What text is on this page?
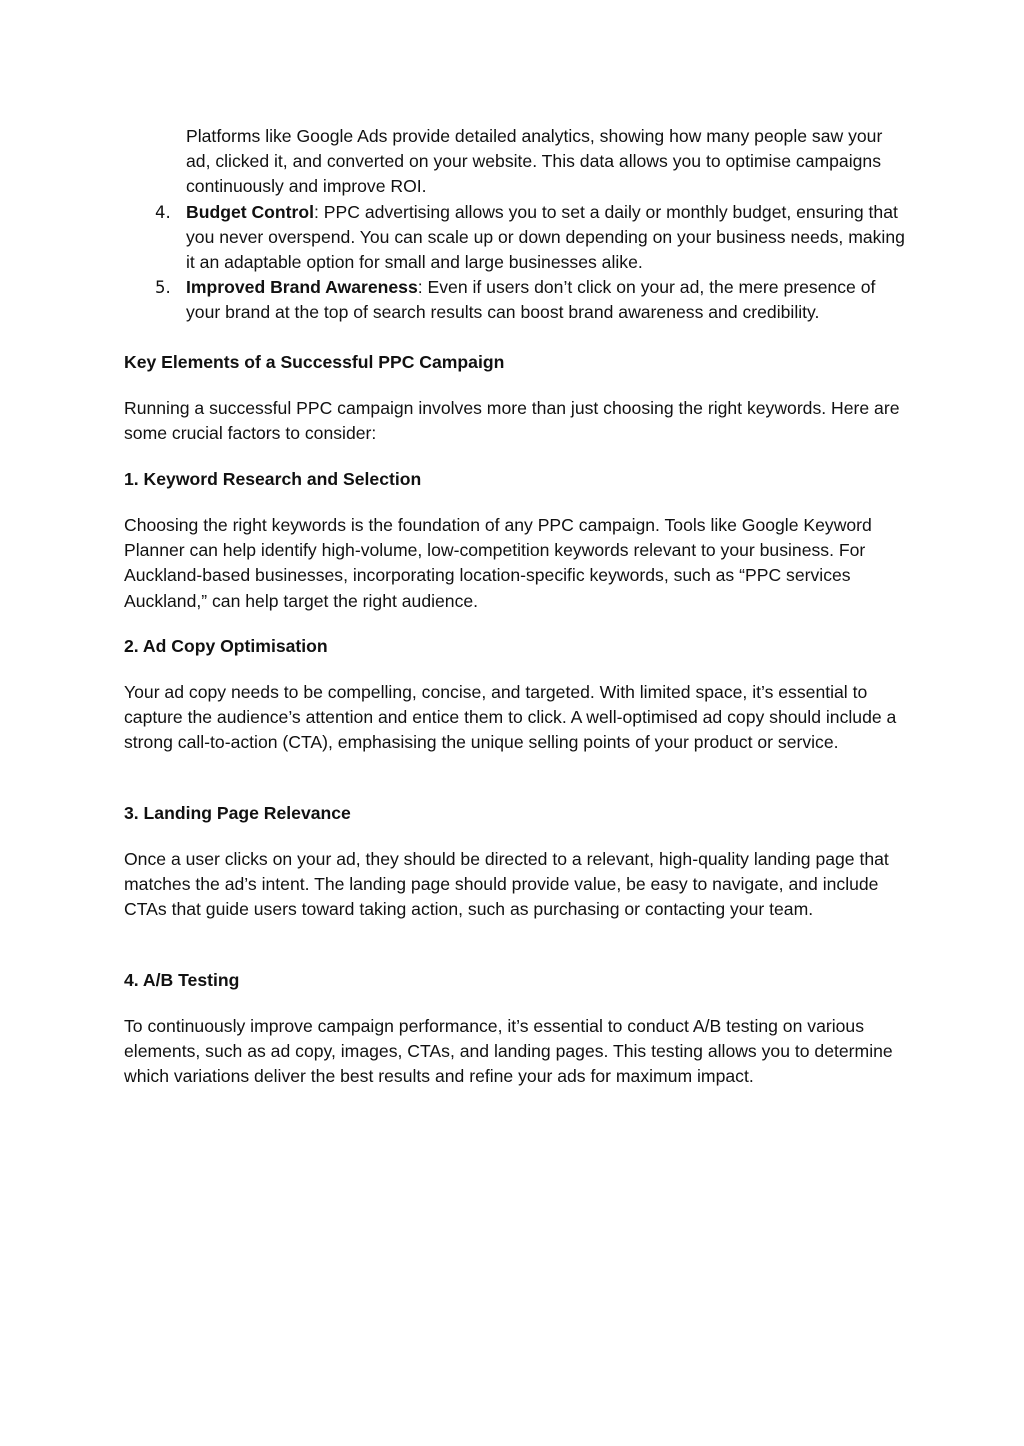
Platforms like Google Ads provide detailed analytics, showing how many people saw your ad, clicked it, and converted on your website. This data allows you to optimise campaigns continuously and improve ROI.

4. Budget Control: PPC advertising allows you to set a daily or monthly budget, ensuring that you never overspend. You can scale up or down depending on your business needs, making it an adaptable option for small and large businesses alike.

5. Improved Brand Awareness: Even if users don’t click on your ad, the mere presence of your brand at the top of search results can boost brand awareness and credibility.

Key Elements of a Successful PPC Campaign

Running a successful PPC campaign involves more than just choosing the right keywords. Here are some crucial factors to consider:

1. Keyword Research and Selection

Choosing the right keywords is the foundation of any PPC campaign. Tools like Google Keyword Planner can help identify high-volume, low-competition keywords relevant to your business. For Auckland-based businesses, incorporating location-specific keywords, such as “PPC services Auckland,” can help target the right audience.

2. Ad Copy Optimisation

Your ad copy needs to be compelling, concise, and targeted. With limited space, it’s essential to capture the audience’s attention and entice them to click. A well-optimised ad copy should include a strong call-to-action (CTA), emphasising the unique selling points of your product or service.

3. Landing Page Relevance

Once a user clicks on your ad, they should be directed to a relevant, high-quality landing page that matches the ad’s intent. The landing page should provide value, be easy to navigate, and include CTAs that guide users toward taking action, such as purchasing or contacting your team.

4. A/B Testing

To continuously improve campaign performance, it’s essential to conduct A/B testing on various elements, such as ad copy, images, CTAs, and landing pages. This testing allows you to determine which variations deliver the best results and refine your ads for maximum impact.
